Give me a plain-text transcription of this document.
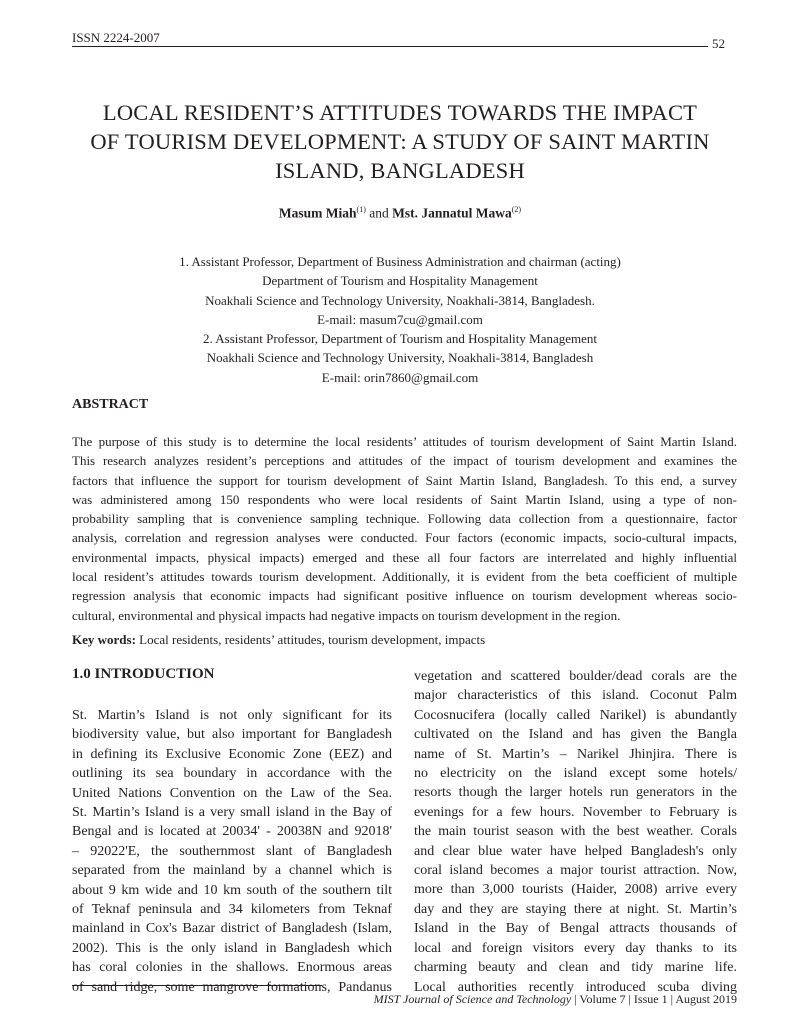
ISSN 2224-2007	52
LOCAL RESIDENT’S ATTITUDES TOWARDS THE IMPACT
OF TOURISM DEVELOPMENT: A STUDY OF SAINT MARTIN
ISLAND, BANGLADESH
Masum Miah$^{(1)}$ and Mst. Jannatul Mawa$^{(2)}$
1. Assistant Professor, Department of Business Administration and chairman (acting)
Department of Tourism and Hospitality Management
Noakhali Science and Technology University, Noakhali-3814, Bangladesh.
E-mail: masum7cu@gmail.com
2. Assistant Professor, Department of Tourism and Hospitality Management
Noakhali Science and Technology University, Noakhali-3814, Bangladesh
E-mail: orin7860@gmail.com
ABSTRACT
The purpose of this study is to determine the local residents’ attitudes of tourism development of Saint Martin Island.
This research analyzes resident’s perceptions and attitudes of the impact of tourism development and examines the
factors that influence the support for tourism development of Saint Martin Island, Bangladesh. To this end, a survey
was administered among 150 respondents who were local residents of Saint Martin Island, using a type of non-
probability sampling that is convenience sampling technique. Following data collection from a questionnaire, factor
analysis, correlation and regression analyses were conducted. Four factors (economic impacts, socio-cultural impacts,
environmental impacts, physical impacts) emerged and these all four factors are interrelated and highly influential
local resident’s attitudes towards tourism development. Additionally, it is evident from the beta coefficient of multiple
regression analysis that economic impacts had significant positive influence on tourism development whereas socio-
cultural, environmental and physical impacts had negative impacts on tourism development in the region.
Key words: Local residents, residents’ attitudes, tourism development, impacts
1.0 INTRODUCTION
St. Martin’s Island is not only significant for its
biodiversity value, but also important for Bangladesh
in defining its Exclusive Economic Zone (EEZ) and
outlining its sea boundary in accordance with the
United Nations Convention on the Law of the Sea.
St. Martin’s Island is a very small island in the Bay of
Bengal and is located at 20034' - 20038N and 92018'
– 92022'E, the southernmost slant of Bangladesh
separated from the mainland by a channel which is
about 9 km wide and 10 km south of the southern tilt
of Teknaf peninsula and 34 kilometers from Teknaf
mainland in Cox's Bazar district of Bangladesh (Islam,
2002). This is the only island in Bangladesh which
has coral colonies in the shallows. Enormous areas
of sand ridge, some mangrove formations, Pandanus
vegetation and scattered boulder/dead corals are the
major characteristics of this island. Coconut Palm
Cocosnucifera (locally called Narikel) is abundantly
cultivated on the Island and has given the Bangla
name of St. Martin’s – Narikel Jhinjira. There is
no electricity on the island except some hotels/
resorts though the larger hotels run generators in the
evenings for a few hours. November to February is
the main tourist season with the best weather. Corals
and clear blue water have helped Bangladesh's only
coral island becomes a major tourist attraction. Now,
more than 3,000 tourists (Haider, 2008) arrive every
day and they are staying there at night. St. Martin’s
Island in the Bay of Bengal attracts thousands of
local and foreign visitors every day thanks to its
charming beauty and clean and tidy marine life.
Local authorities recently introduced scuba diving
MIST Journal of Science and Technology | Volume 7 | Issue 1 | August 2019
